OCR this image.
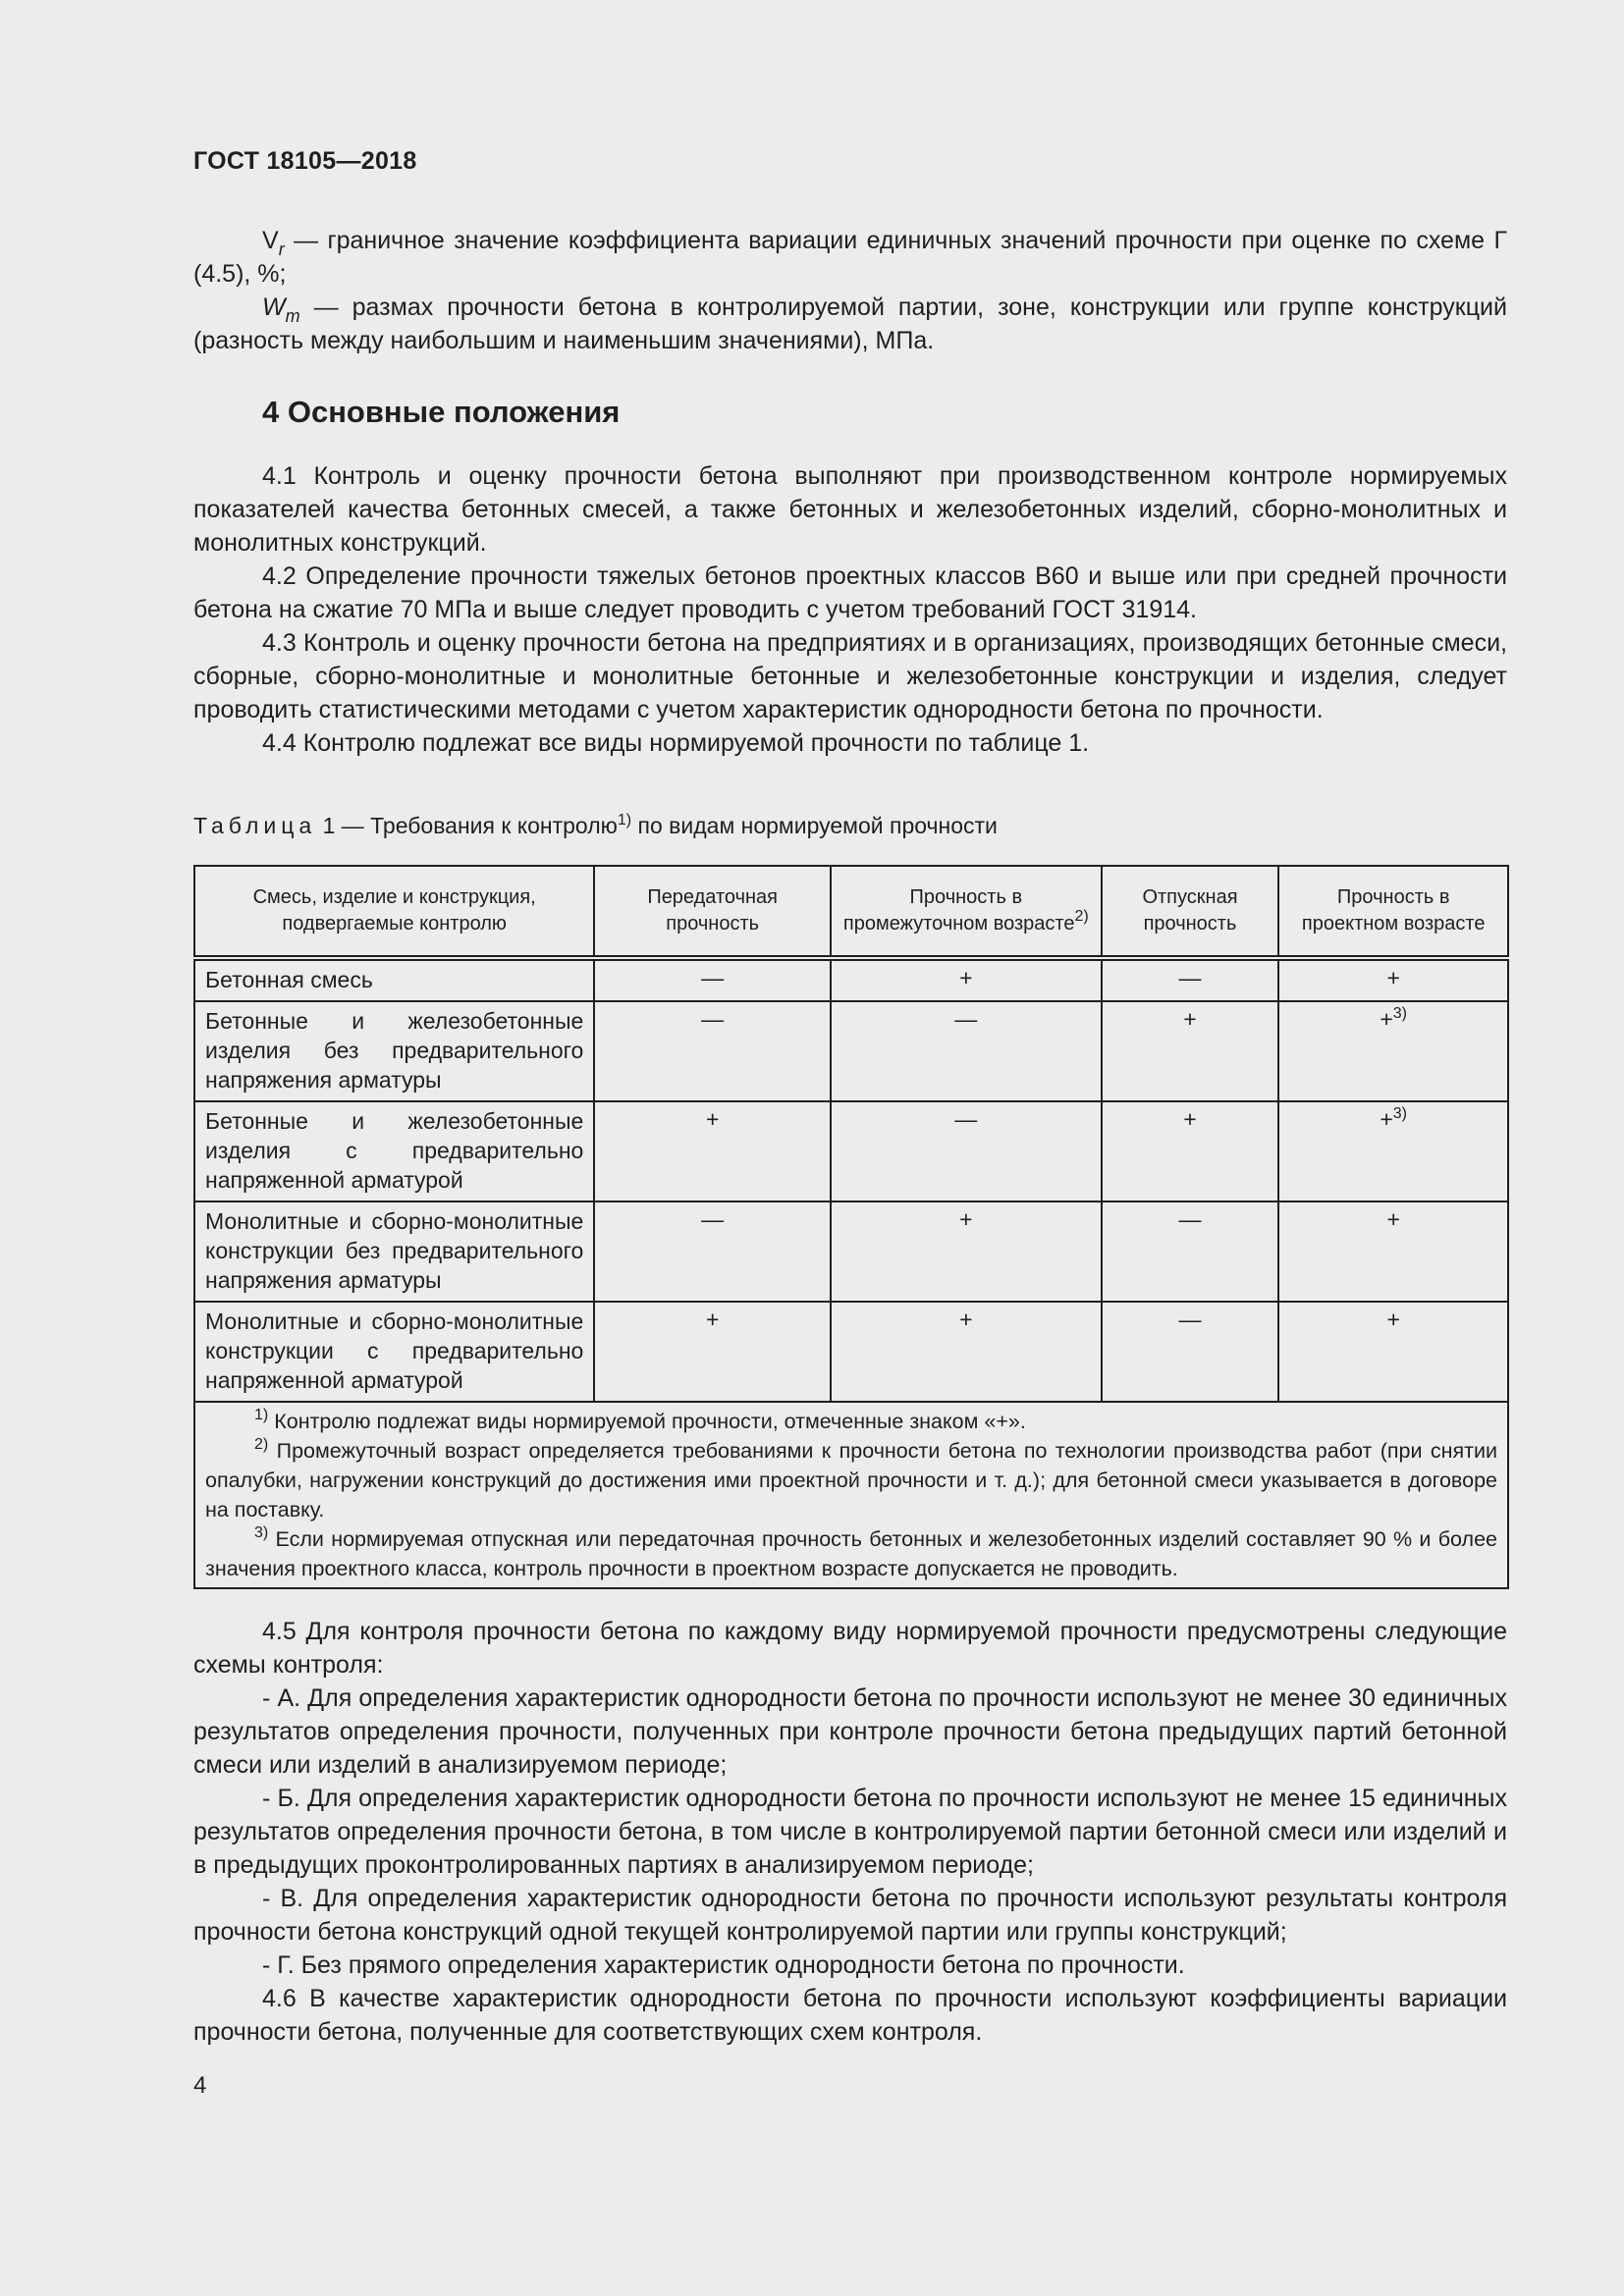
ГОСТ 18105—2018

$V_r$ — граничное значение коэффициента вариации единичных значений прочности при оценке по схеме Г (4.5), %;

$W_m$ — размах прочности бетона в контролируемой партии, зоне, конструкции или группе конструкций (разность между наибольшим и наименьшим значениями), МПа.

4 Основные положения

4.1 Контроль и оценку прочности бетона выполняют при производственном контроле нормируемых показателей качества бетонных смесей, а также бетонных и железобетонных изделий, сборно-монолитных и монолитных конструкций.

4.2 Определение прочности тяжелых бетонов проектных классов В60 и выше или при средней прочности бетона на сжатие 70 МПа и выше следует проводить с учетом требований ГОСТ 31914.

4.3 Контроль и оценку прочности бетона на предприятиях и в организациях, производящих бетонные смеси, сборные, сборно-монолитные и монолитные бетонные и железобетонные конструкции и изделия, следует проводить статистическими методами с учетом характеристик однородности бетона по прочности.

4.4 Контролю подлежат все виды нормируемой прочности по таблице 1.

Таблица 1 — Требования к контролю$^{1)}$ по видам нормируемой прочности
Смесь, изделие и конструкция, подвергаемые контролю	Передаточная прочность	Прочность в промежуточном возрасте$^{2)}$	Отпускная прочность	Прочность в проектном возрасте
Бетонная смесь	—	+	—	+
Бетонные и железобетонные изделия без предварительного напряжения арматуры	—	—	+	+$^{3)}$
Бетонные и железобетонные изделия с предварительно напряженной арматурой	+	—	+	+$^{3)}$
Монолитные и сборно-монолитные конструкции без предварительного напряжения арматуры	—	+	—	+
Монолитные и сборно-монолитные конструкции с предварительно напряженной арматурой	+	+	—	+

$^{1)}$ Контролю подлежат виды нормируемой прочности, отмеченные знаком «+».
$^{2)}$ Промежуточный возраст определяется требованиями к прочности бетона по технологии производства работ (при снятии опалубки, нагружении конструкций до достижения ими проектной прочности и т. д.); для бетонной смеси указывается в договоре на поставку.
$^{3)}$ Если нормируемая отпускная или передаточная прочность бетонных и железобетонных изделий составляет 90 % и более значения проектного класса, контроль прочности в проектном возрасте допускается не проводить.				

4.5 Для контроля прочности бетона по каждому виду нормируемой прочности предусмотрены следующие схемы контроля:

- А. Для определения характеристик однородности бетона по прочности используют не менее 30 единичных результатов определения прочности, полученных при контроле прочности бетона предыдущих партий бетонной смеси или изделий в анализируемом периоде;

- Б. Для определения характеристик однородности бетона по прочности используют не менее 15 единичных результатов определения прочности бетона, в том числе в контролируемой партии бетонной смеси или изделий и в предыдущих проконтролированных партиях в анализируемом периоде;

- В. Для определения характеристик однородности бетона по прочности используют результаты контроля прочности бетона конструкций одной текущей контролируемой партии или группы конструкций;

- Г. Без прямого определения характеристик однородности бетона по прочности.

4.6 В качестве характеристик однородности бетона по прочности используют коэффициенты вариации прочности бетона, полученные для соответствующих схем контроля.

4
